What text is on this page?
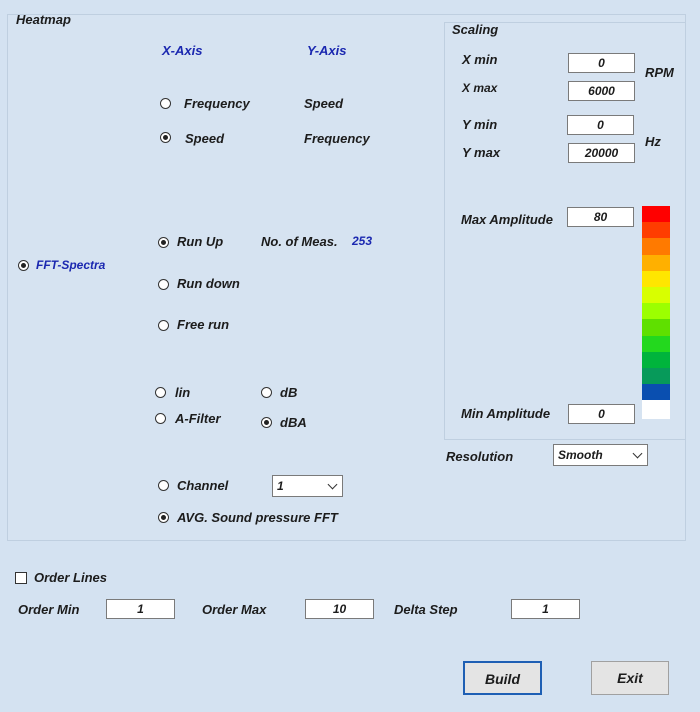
Heatmap
X-Axis	Y-Axis
Frequency	Speed
Speed	Frequency
FFT-Spectra
Run Up	No. of Meas. 253
Run down
Free run
lin	dB
A-Filter	dBA
Channel	1
AVG. Sound pressure FFT
Scaling
X min	0
X max	6000
RPM
Y min	0
Y max	20000
Hz
Max Amplitude	80
Min Amplitude	0
Resolution	Smooth
Order Lines
Order Min	1	Order Max	10	Delta Step	1
Build	Exit
